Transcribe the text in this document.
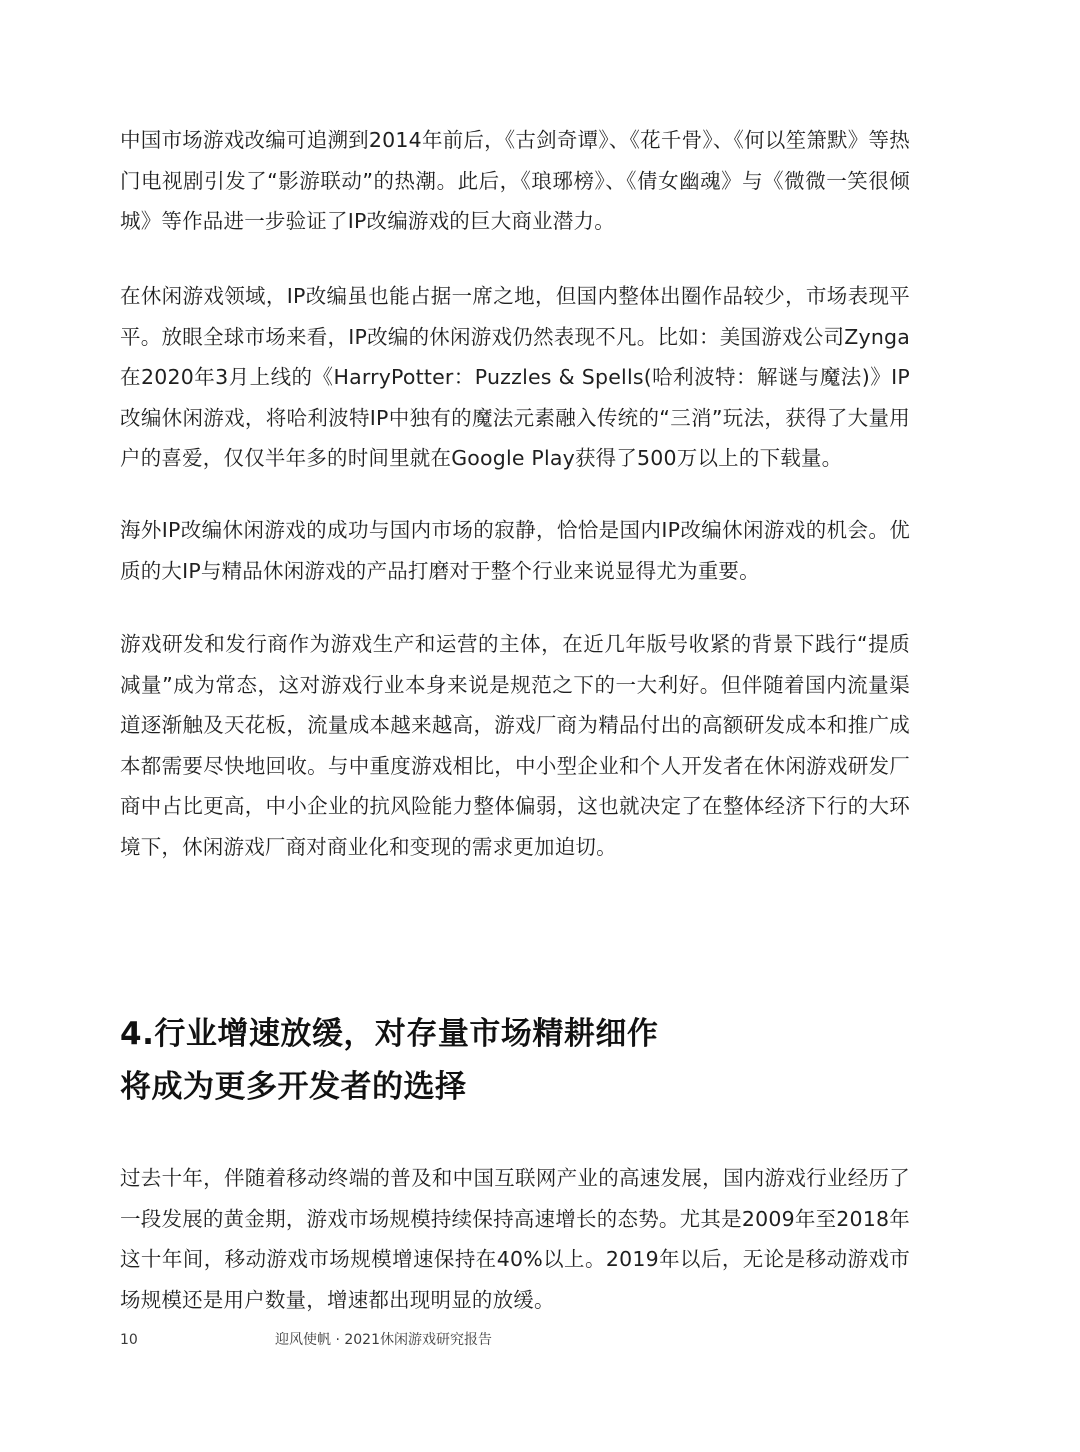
中国市场游戏改编可追溯到2014年前后，《古剑奇谭》、《花千骨》、《何以笙箫默》等热门电视剧引发了“影游联动”的热潮。此后，《琅琊榜》、《倩女幽魂》与《微微一笑很倾城》等作品进一步验证了IP改编游戏的巨大商业潜力。

在休闲游戏领域，IP改编虽也能占据一席之地，但国内整体出圈作品较少，市场表现平平。放眼全球市场来看，IP改编的休闲游戏仍然表现不凡。比如：美国游戏公司Zynga在2020年3月上线的《HarryPotter：Puzzles & Spells(哈利波特：解谜与魔法)》IP改编休闲游戏，将哈利波特IP中独有的魔法元素融入传统的“三消”玩法，获得了大量用户的喜爱，仅仅半年多的时间里就在Google Play获得了500万以上的下载量。

海外IP改编休闲游戏的成功与国内市场的寂静，恰恰是国内IP改编休闲游戏的机会。优质的大IP与精品休闲游戏的产品打磨对于整个行业来说显得尤为重要。

游戏研发和发行商作为游戏生产和运营的主体，在近几年版号收紧的背景下践行“提质减量”成为常态，这对游戏行业本身来说是规范之下的一大利好。但伴随着国内流量渠道逐渐触及天花板，流量成本越来越高，游戏厂商为精品付出的高额研发成本和推广成本都需要尽快地回收。与中重度游戏相比，中小型企业和个人开发者在休闲游戏研发厂商中占比更高，中小企业的抗风险能力整体偏弱，这也就决定了在整体经济下行的大环境下，休闲游戏厂商对商业化和变现的需求更加迫切。

4.行业增速放缓，对存量市场精耕细作
将成为更多开发者的选择

过去十年，伴随着移动终端的普及和中国互联网产业的高速发展，国内游戏行业经历了一段发展的黄金期，游戏市场规模持续保持高速增长的态势。尤其是2009年至2018年这十年间，移动游戏市场规模增速保持在40%以上。2019年以后，无论是移动游戏市场规模还是用户数量，增速都出现明显的放缓。

10	迎风使帆 · 2021休闲游戏研究报告
